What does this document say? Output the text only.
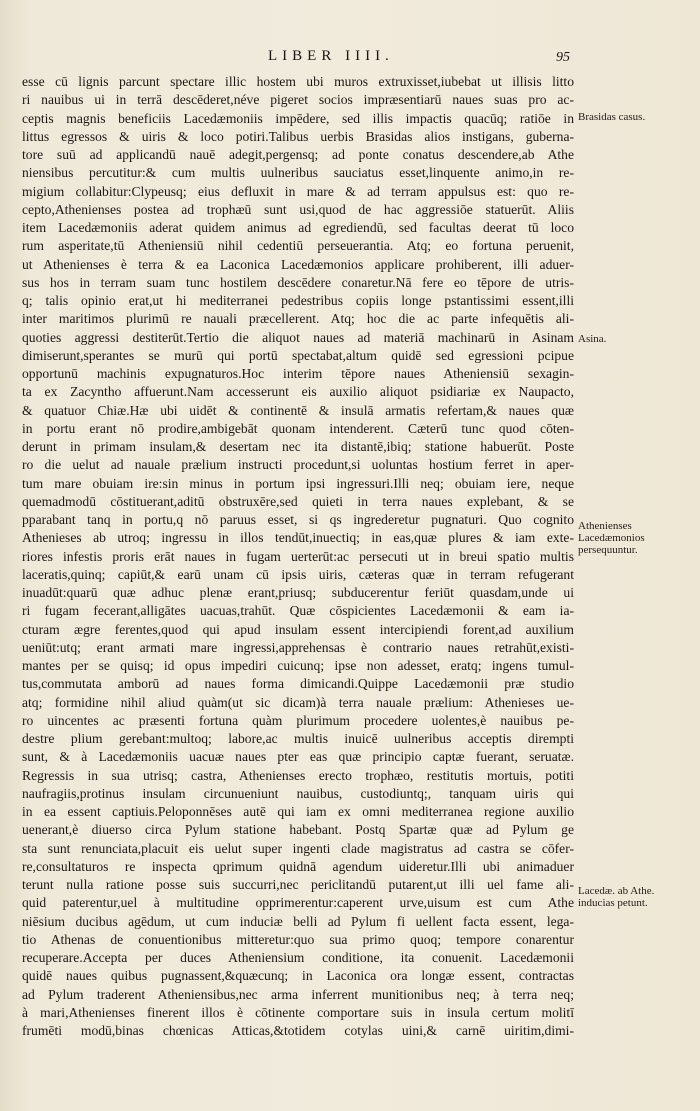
LIBER IIII.	95
esse cū lignis parcunt spectare illic hostem ubi muros extruxisset,iubebat ut illisis litto
ri nauibus ui in terrā descēderet,néve pigeret socios impræsentiarū naues suas pro ac-
ceptis magnis beneficiis Lacedæmoniis impēdere, sed illis impactis quacūq; ratiōe in
littus egressos & uiris & loco potiri.Talibus uerbis Brasidas alios instigans, guberna-
tore suū ad applicandū nauē adegit,pergensq; ad ponte conatus descendere,ab Athe
niensibus percutitur:& cum multis uulneribus sauciatus esset,linquente animo,in re-
migium collabitur:Clypeusq; eius defluxit in mare & ad terram appulsus est: quo re-
cepto,Athenienses postea ad trophæū sunt usi,quod de hac aggressiōe statuerūt. Aliis
item Lacedæmoniis aderat quidem animus ad egrediendū, sed facultas deerat tū loco
rum asperitate,tū Atheniensiū nihil cedentiū perseuerantia. Atq; eo fortuna peruenit,
ut Athenienses è terra & ea Laconica Lacedæmonios applicare prohiberent, illi aduer-
sus hos in terram suam tunc hostilem descēdere conaretur.Nā fere eo tēpore de utris-
q; talis opinio erat,ut hi mediterranei pedestribus copiis longe pstantissimi essent,illi
inter maritimos plurimū re nauali præcellerent. Atq; hoc die ac parte infequētis ali-
quoties aggressi destiterūt.Tertio die aliquot naues ad materiā machinarū in Asinam
dimiserunt,sperantes se murū qui portū spectabat,altum quidē sed egressioni pcipue
opportunū machinis expugnaturos.Hoc interim tēpore naues Atheniensiū sexagin-
ta ex Zacyntho affuerunt.Nam accesserunt eis auxilio aliquot psidiariæ ex Naupacto,
& quatuor Chiæ.Hæ ubi uidēt & continentē & insulā armatis refertam,& naues quæ
in portu erant nō prodire,ambigebāt quonam intenderent. Cæterū tunc quod cōten-
derunt in primam insulam,& desertam nec ita distantē,ibiq; statione habuerūt. Poste
ro die uelut ad nauale prælium instructi procedunt,si uoluntas hostium ferret in aper-
tum mare obuiam ire:sin minus in portum ipsi ingressuri.Illi neq; obuiam iere, neque
quemadmodū cōstituerant,aditū obstruxēre,sed quieti in terra naues explebant, & se
pparabant tanq in portu,q nō paruus esset, si qs ingrederetur pugnaturi. Quo cognito
Athenieses ab utroq; ingressu in illos tendūt,inuectiq; in eas,quæ plures & iam exte-
riores infestis proris erāt naues in fugam uerterūt:ac persecuti ut in breui spatio multis
laceratis,quinq; capiūt,& earū unam cū ipsis uiris, cæteras quæ in terram refugerant
inuadūt:quarū quæ adhuc plenæ erant,priusq; subducerentur feriūt quasdam,unde ui
ri fugam fecerant,alligātes uacuas,trahūt. Quæ cōspicientes Lacedæmonii & eam ia-
cturam ægre ferentes,quod qui apud insulam essent intercipiendi forent,ad auxilium
ueniūt:utq; erant armati mare ingressi,apprehensas è contrario naues retrahūt,existi-
mantes per se quisq; id opus impediri cuicunq; ipse non adesset, eratq; ingens tumul-
tus,commutata amborū ad naues forma dimicandi.Quippe Lacedæmonii præ studio
atq; formidine nihil aliud quàm(ut sic dicam)à terra nauale prælium: Athenieses ue-
ro uincentes ac præsenti fortuna quàm plurimum procedere uolentes,è nauibus pe-
destre plium gerebant:multoq; labore,ac multis inuicē uulneribus acceptis dirempti
sunt, & à Lacedæmoniis uacuæ naues pter eas quæ principio captæ fuerant, seruatæ.
Regressis in sua utrisq; castra, Athenienses erecto trophæo, restitutis mortuis, potiti
naufragiis,protinus insulam circunueniunt nauibus, custodiuntq;, tanquam uiris qui
in ea essent captiuis.Peloponnēses autē qui iam ex omni mediterranea regione auxilio
uenerant,è diuerso circa Pylum statione habebant. Postq Spartæ quæ ad Pylum ge
sta sunt renunciata,placuit eis uelut super ingenti clade magistratus ad castra se cōfer-
re,consultaturos re inspecta qprimum quidnā agendum uideretur.Illi ubi animaduer
terunt nulla ratione posse suis succurri,nec periclitandū putarent,ut illi uel fame ali-
quid paterentur,uel à multitudine opprimerentur:caperent urve,uisum est cum Athe
niēsium ducibus agēdum, ut cum induciæ belli ad Pylum fi uellent facta essent, lega-
tio Athenas de conuentionibus mitteretur:quo sua primo quoq; tempore conarentur
recuperare.Accepta per duces Atheniensium conditione, ita conuenit. Lacedæmonii
quidē naues quibus pugnassent,&quæcunq; in Laconica ora longæ essent, contractas
ad Pylum traderent Atheniensibus,nec arma inferrent munitionibus neq; à terra neq;
à mari,Athenienses finerent illos è cōtinente comportare suis in insula certum molitī
frumēti modū,binas chœnicas Atticas,&totidem cotylas uini,& carnē uiritim,dimi-
Brasidas casus.
Asina.
Athenienses Lacedæmonios persequuntur.
Lacedæ. ab Athe. inducias petunt.
